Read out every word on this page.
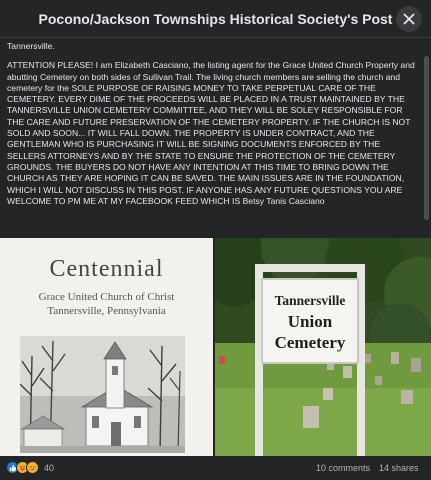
Pocono/Jackson Townships Historical Society's Post
Tannersville.
ATTENTION PLEASE! I am Elizabeth Casciano, the listing agent for the Grace United Church Property and abutting Cemetery on both sides of Sullivan Trail. The living church members are selling the church and cemetery for the SOLE PURPOSE OF RAISING MONEY TO TAKE PERPETUAL CARE OF THE CEMETERY. EVERY DIME OF THE PROCEEDS WILL BE PLACED IN A TRUST MAINTAINED BY THE TANNERSVILLE UNION CEMETERY COMMITTEE, AND THEY WILL BE SOLEY RESPONSIBLE FOR THE CARE AND FUTURE PRESERVATION OF THE CEMETERY PROPERTY. IF THE CHURCH IS NOT SOLD AND SOON... IT WILL FALL DOWN. THE PROPERTY IS UNDER CONTRACT, AND THE GENTLEMAN WHO IS PURCHASING IT WILL BE SIGNING DOCUMENTS ENFORCED BY THE SELLERS ATTORNEYS AND BY THE STATE TO ENSURE THE PROTECTION OF THE CEMETERY GROUNDS. THE BUYERS DO NOT HAVE ANY INTENTION AT THIS TIME TO BRING DOWN THE CHURCH AS THEY ARE HOPING IT CAN BE SAVED. THE MAIN ISSUES ARE IN THE FOUNDATION, WHICH I WILL NOT DISCUSS IN THIS POST. IF ANYONE HAS ANY FUTURE QUESTIONS YOU ARE WELCOME TO PM ME AT MY FACEBOOK FEED WHICH IS Betsy Tanis Casciano
Centennial
Grace United Church of Christ
Tannersville, Pennsylvania
Tannersville
Union
Cemetery
40	10 comments 14 shares
